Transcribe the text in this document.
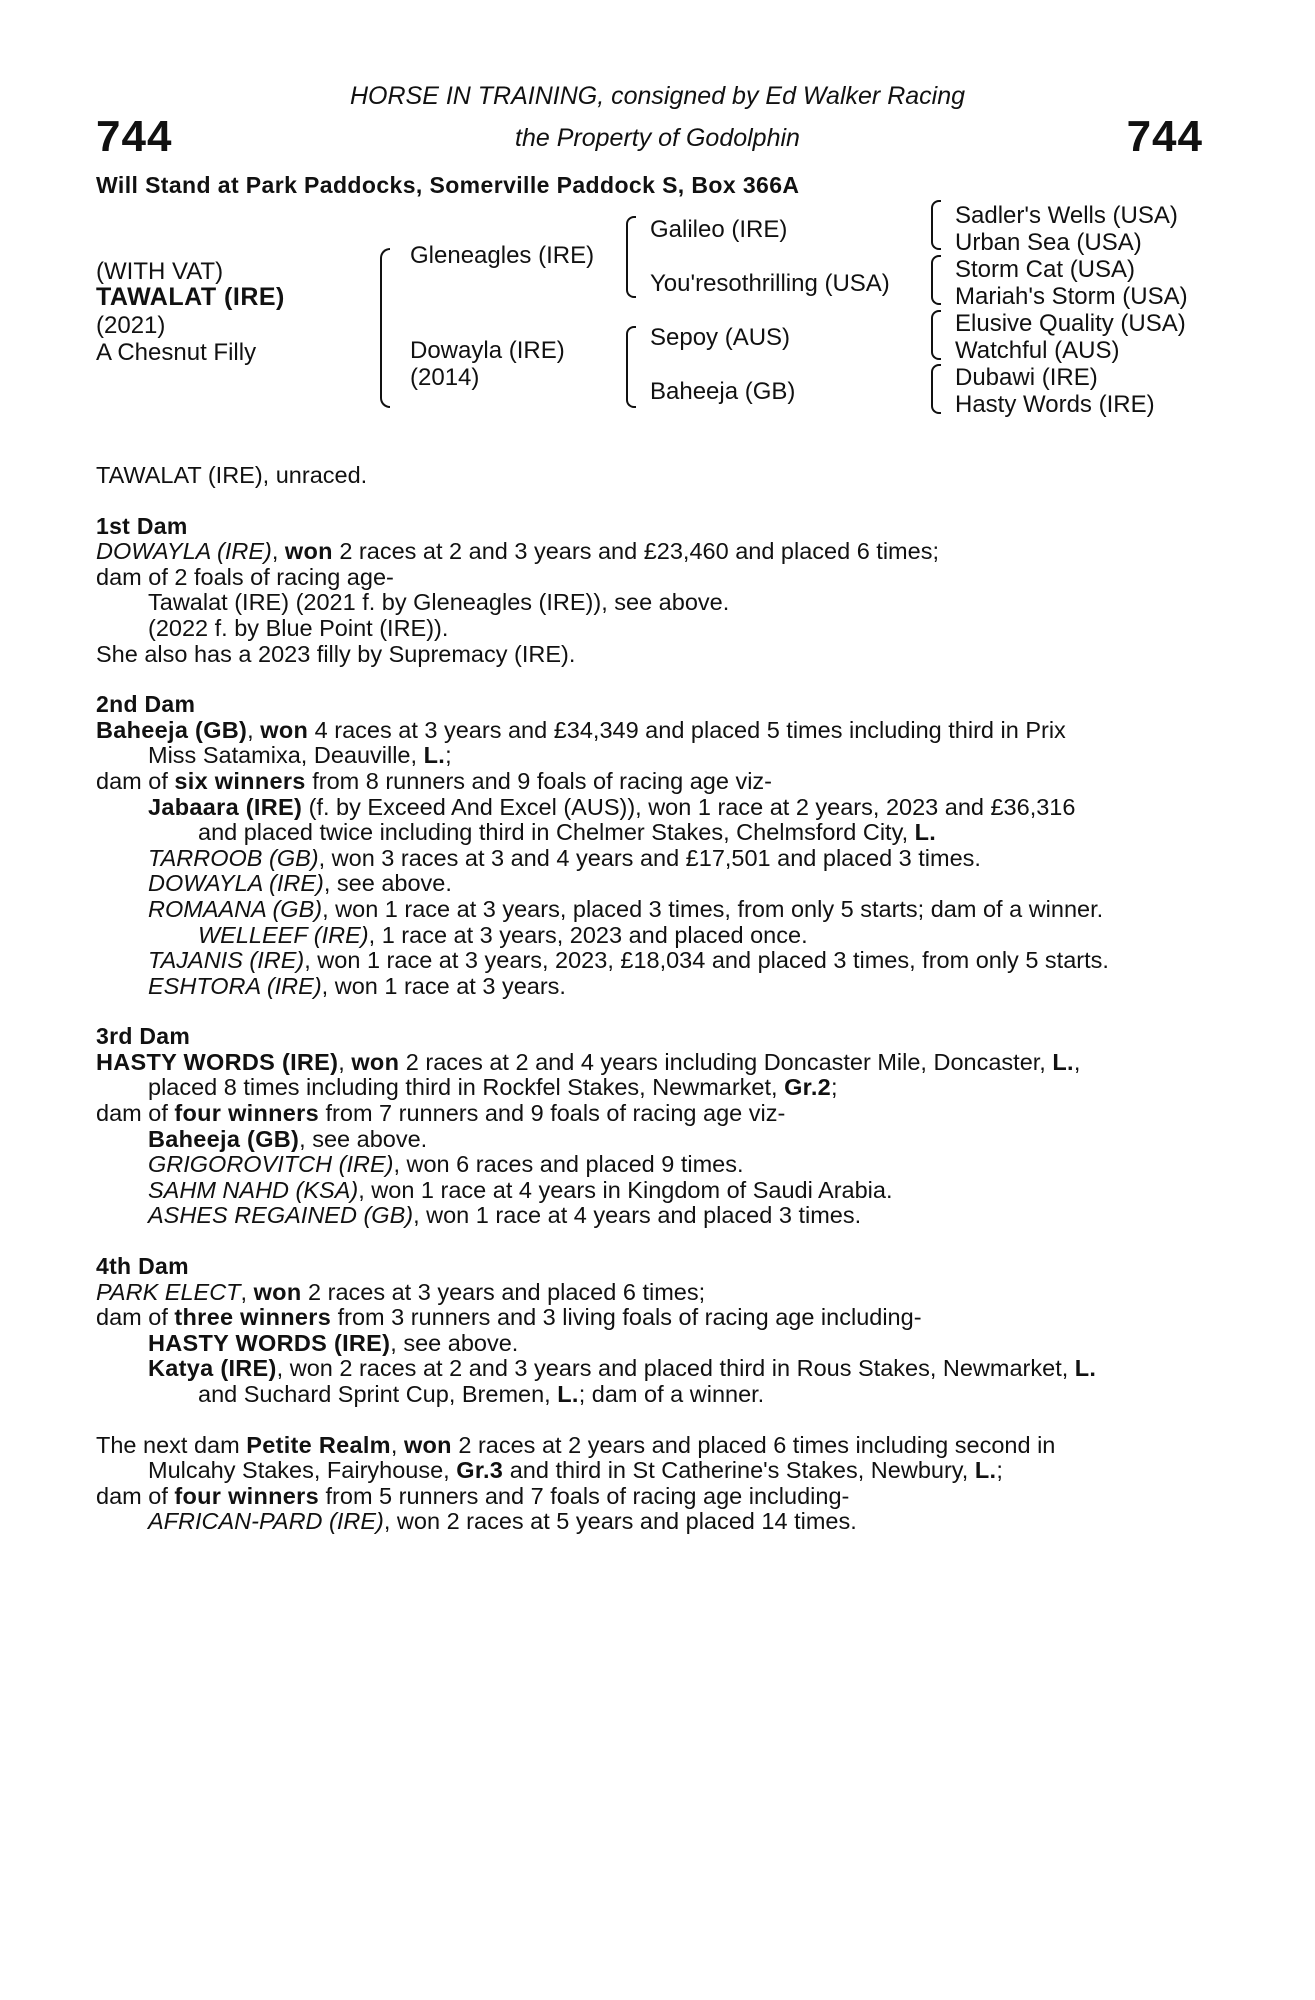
744	744
HORSE IN TRAINING, consigned by Ed Walker Racing
the Property of Godolphin
Will Stand at Park Paddocks, Somerville Paddock S, Box 366A
(WITH VAT)
TAWALAT (IRE)
(2021)
A Chesnut Filly
Gleneagles (IRE)
Dowayla (IRE)
(2014)
Galileo (IRE)
You'resothrilling (USA)
Sepoy (AUS)
Baheeja (GB)
Sadler's Wells (USA)
Urban Sea (USA)
Storm Cat (USA)
Mariah's Storm (USA)
Elusive Quality (USA)
Watchful (AUS)
Dubawi (IRE)
Hasty Words (IRE)
TAWALAT (IRE), unraced.
1st Dam
DOWAYLA (IRE), won 2 races at 2 and 3 years and £23,460 and placed 6 times;
dam of 2 foals of racing age-
Tawalat (IRE) (2021 f. by Gleneagles (IRE)), see above.
(2022 f. by Blue Point (IRE)).
She also has a 2023 filly by Supremacy (IRE).
2nd Dam
Baheeja (GB), won 4 races at 3 years and £34,349 and placed 5 times including third in Prix
Miss Satamixa, Deauville, L.;
dam of six winners from 8 runners and 9 foals of racing age viz-
Jabaara (IRE) (f. by Exceed And Excel (AUS)), won 1 race at 2 years, 2023 and £36,316
and placed twice including third in Chelmer Stakes, Chelmsford City, L.
TARROOB (GB), won 3 races at 3 and 4 years and £17,501 and placed 3 times.
DOWAYLA (IRE), see above.
ROMAANA (GB), won 1 race at 3 years, placed 3 times, from only 5 starts; dam of a winner.
WELLEEF (IRE), 1 race at 3 years, 2023 and placed once.
TAJANIS (IRE), won 1 race at 3 years, 2023, £18,034 and placed 3 times, from only 5 starts.
ESHTORA (IRE), won 1 race at 3 years.
3rd Dam
HASTY WORDS (IRE), won 2 races at 2 and 4 years including Doncaster Mile, Doncaster, L.,
placed 8 times including third in Rockfel Stakes, Newmarket, Gr.2;
dam of four winners from 7 runners and 9 foals of racing age viz-
Baheeja (GB), see above.
GRIGOROVITCH (IRE), won 6 races and placed 9 times.
SAHM NAHD (KSA), won 1 race at 4 years in Kingdom of Saudi Arabia.
ASHES REGAINED (GB), won 1 race at 4 years and placed 3 times.
4th Dam
PARK ELECT, won 2 races at 3 years and placed 6 times;
dam of three winners from 3 runners and 3 living foals of racing age including-
HASTY WORDS (IRE), see above.
Katya (IRE), won 2 races at 2 and 3 years and placed third in Rous Stakes, Newmarket, L.
and Suchard Sprint Cup, Bremen, L.; dam of a winner.
The next dam Petite Realm, won 2 races at 2 years and placed 6 times including second in
Mulcahy Stakes, Fairyhouse, Gr.3 and third in St Catherine's Stakes, Newbury, L.;
dam of four winners from 5 runners and 7 foals of racing age including-
AFRICAN-PARD (IRE), won 2 races at 5 years and placed 14 times.
